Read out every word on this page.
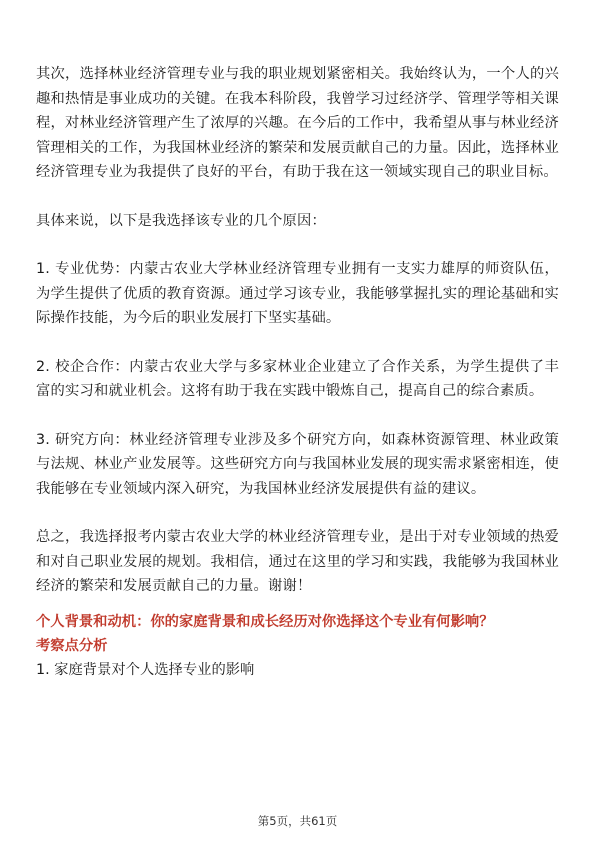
其次，选择林业经济管理专业与我的职业规划紧密相关。我始终认为，一个人的兴趣和热情是事业成功的关键。在我本科阶段，我曾学习过经济学、管理学等相关课程，对林业经济管理产生了浓厚的兴趣。在今后的工作中，我希望从事与林业经济管理相关的工作，为我国林业经济的繁荣和发展贡献自己的力量。因此，选择林业经济管理专业为我提供了良好的平台，有助于我在这一领域实现自己的职业目标。

具体来说，以下是我选择该专业的几个原因：

1. 专业优势：内蒙古农业大学林业经济管理专业拥有一支实力雄厚的师资队伍，为学生提供了优质的教育资源。通过学习该专业，我能够掌握扎实的理论基础和实际操作技能，为今后的职业发展打下坚实基础。

2. 校企合作：内蒙古农业大学与多家林业企业建立了合作关系，为学生提供了丰富的实习和就业机会。这将有助于我在实践中锻炼自己，提高自己的综合素质。

3. 研究方向：林业经济管理专业涉及多个研究方向，如森林资源管理、林业政策与法规、林业产业发展等。这些研究方向与我国林业发展的现实需求紧密相连，使我能够在专业领域内深入研究，为我国林业经济发展提供有益的建议。

总之，我选择报考内蒙古农业大学的林业经济管理专业，是出于对专业领域的热爱和对自己职业发展的规划。我相信，通过在这里的学习和实践，我能够为我国林业经济的繁荣和发展贡献自己的力量。谢谢！

个人背景和动机：你的家庭背景和成长经历对你选择这个专业有何影响？

考察点分析

1. 家庭背景对个人选择专业的影响

第5页，共61页
